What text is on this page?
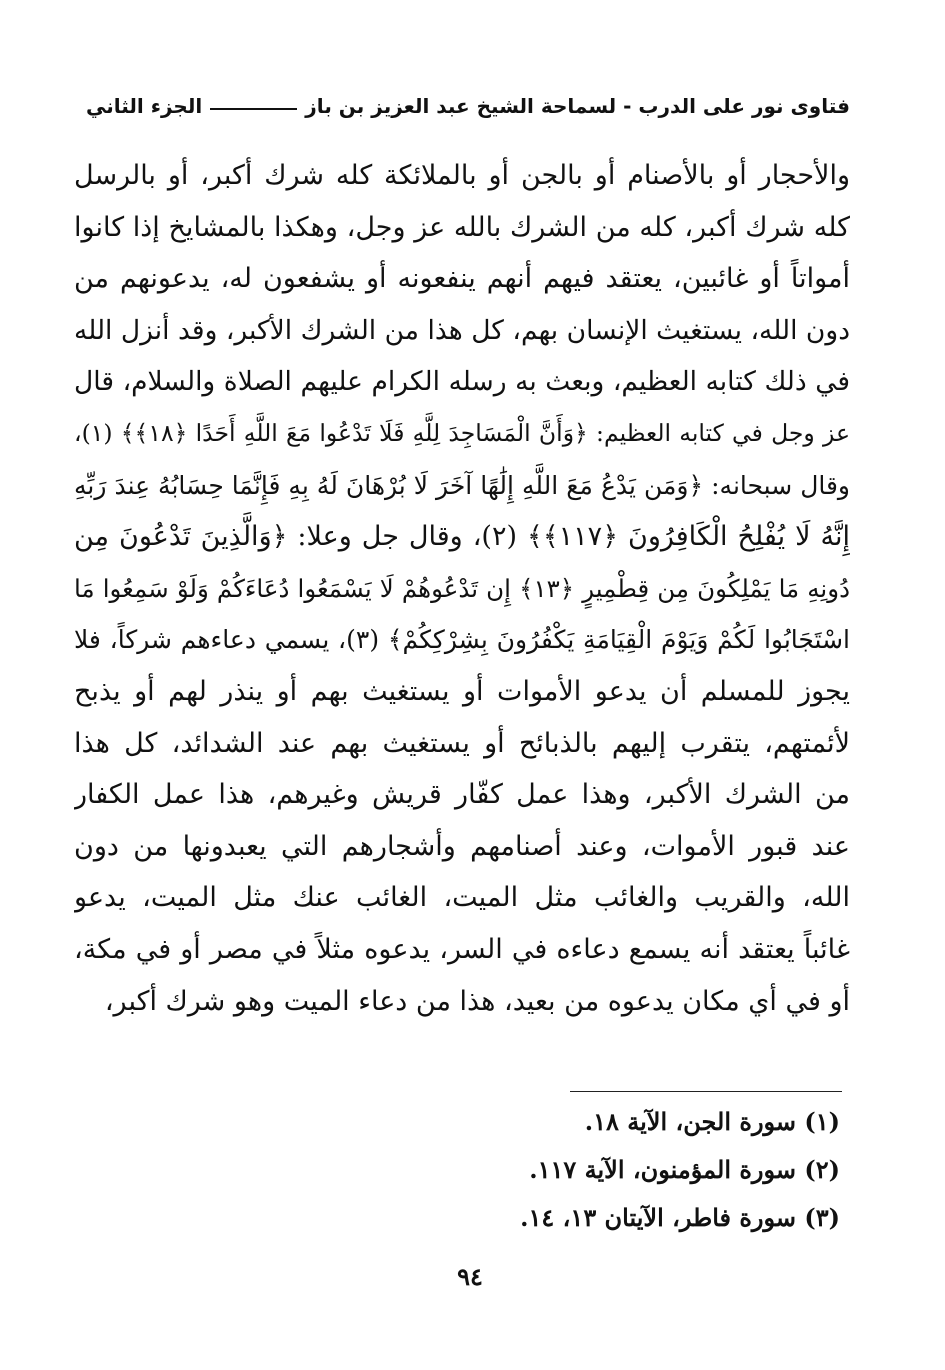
فتاوى نور على الدرب - لسماحة الشيخ عبد العزيز بن باز
الجزء الثاني
والأحجار أو بالأصنام أو بالجن أو بالملائكة كله شرك أكبر، أو بالرسل
كله شرك أكبر، كله من الشرك بالله عز وجل، وهكذا بالمشايخ إذا كانوا
أمواتاً أو غائبين، يعتقد فيهم أنهم ينفعونه أو يشفعون له، يدعونهم من
دون الله، يستغيث الإنسان بهم، كل هذا من الشرك الأكبر، وقد أنزل الله
في ذلك كتابه العظيم، وبعث به رسله الكرام عليهم الصلاة والسلام، قال
عز وجل في كتابه العظيم: ﴿وَأَنَّ الْمَسَاجِدَ لِلَّهِ فَلَا تَدْعُوا مَعَ اللَّهِ أَحَدًا ﴿١٨﴾﴾ (١)،
وقال سبحانه: ﴿وَمَن يَدْعُ مَعَ اللَّهِ إِلَٰهًا آخَرَ لَا بُرْهَانَ لَهُ بِهِ فَإِنَّمَا حِسَابُهُ عِندَ رَبِّهِ
إِنَّهُ لَا يُفْلِحُ الْكَافِرُونَ ﴿١١٧﴾﴾ (٢)، وقال جل وعلا: ﴿وَالَّذِينَ تَدْعُونَ مِن
دُونِهِ مَا يَمْلِكُونَ مِن قِطْمِيرٍ ﴿١٣﴾ إِن تَدْعُوهُمْ لَا يَسْمَعُوا دُعَاءَكُمْ وَلَوْ سَمِعُوا مَا
اسْتَجَابُوا لَكُمْ وَيَوْمَ الْقِيَامَةِ يَكْفُرُونَ بِشِرْكِكُمْ﴾ (٣)، يسمي دعاءهم شركاً، فلا
يجوز للمسلم أن يدعو الأموات أو يستغيث بهم أو ينذر لهم أو يذبح
لأئمتهم، يتقرب إليهم بالذبائح أو يستغيث بهم عند الشدائد، كل هذا
من الشرك الأكبر، وهذا عمل كفّار قريش وغيرهم، هذا عمل الكفار
عند قبور الأموات، وعند أصنامهم وأشجارهم التي يعبدونها من دون
الله، والقريب والغائب مثل الميت، الغائب عنك مثل الميت، يدعو
غائباً يعتقد أنه يسمع دعاءه في السر، يدعوه مثلاً في مصر أو في مكة،
أو في أي مكان يدعوه من بعيد، هذا من دعاء الميت وهو شرك أكبر،
(١) سورة الجن، الآية ١٨.
(٢) سورة المؤمنون، الآية ١١٧.
(٣) سورة فاطر، الآيتان ١٣، ١٤.
٩٤
